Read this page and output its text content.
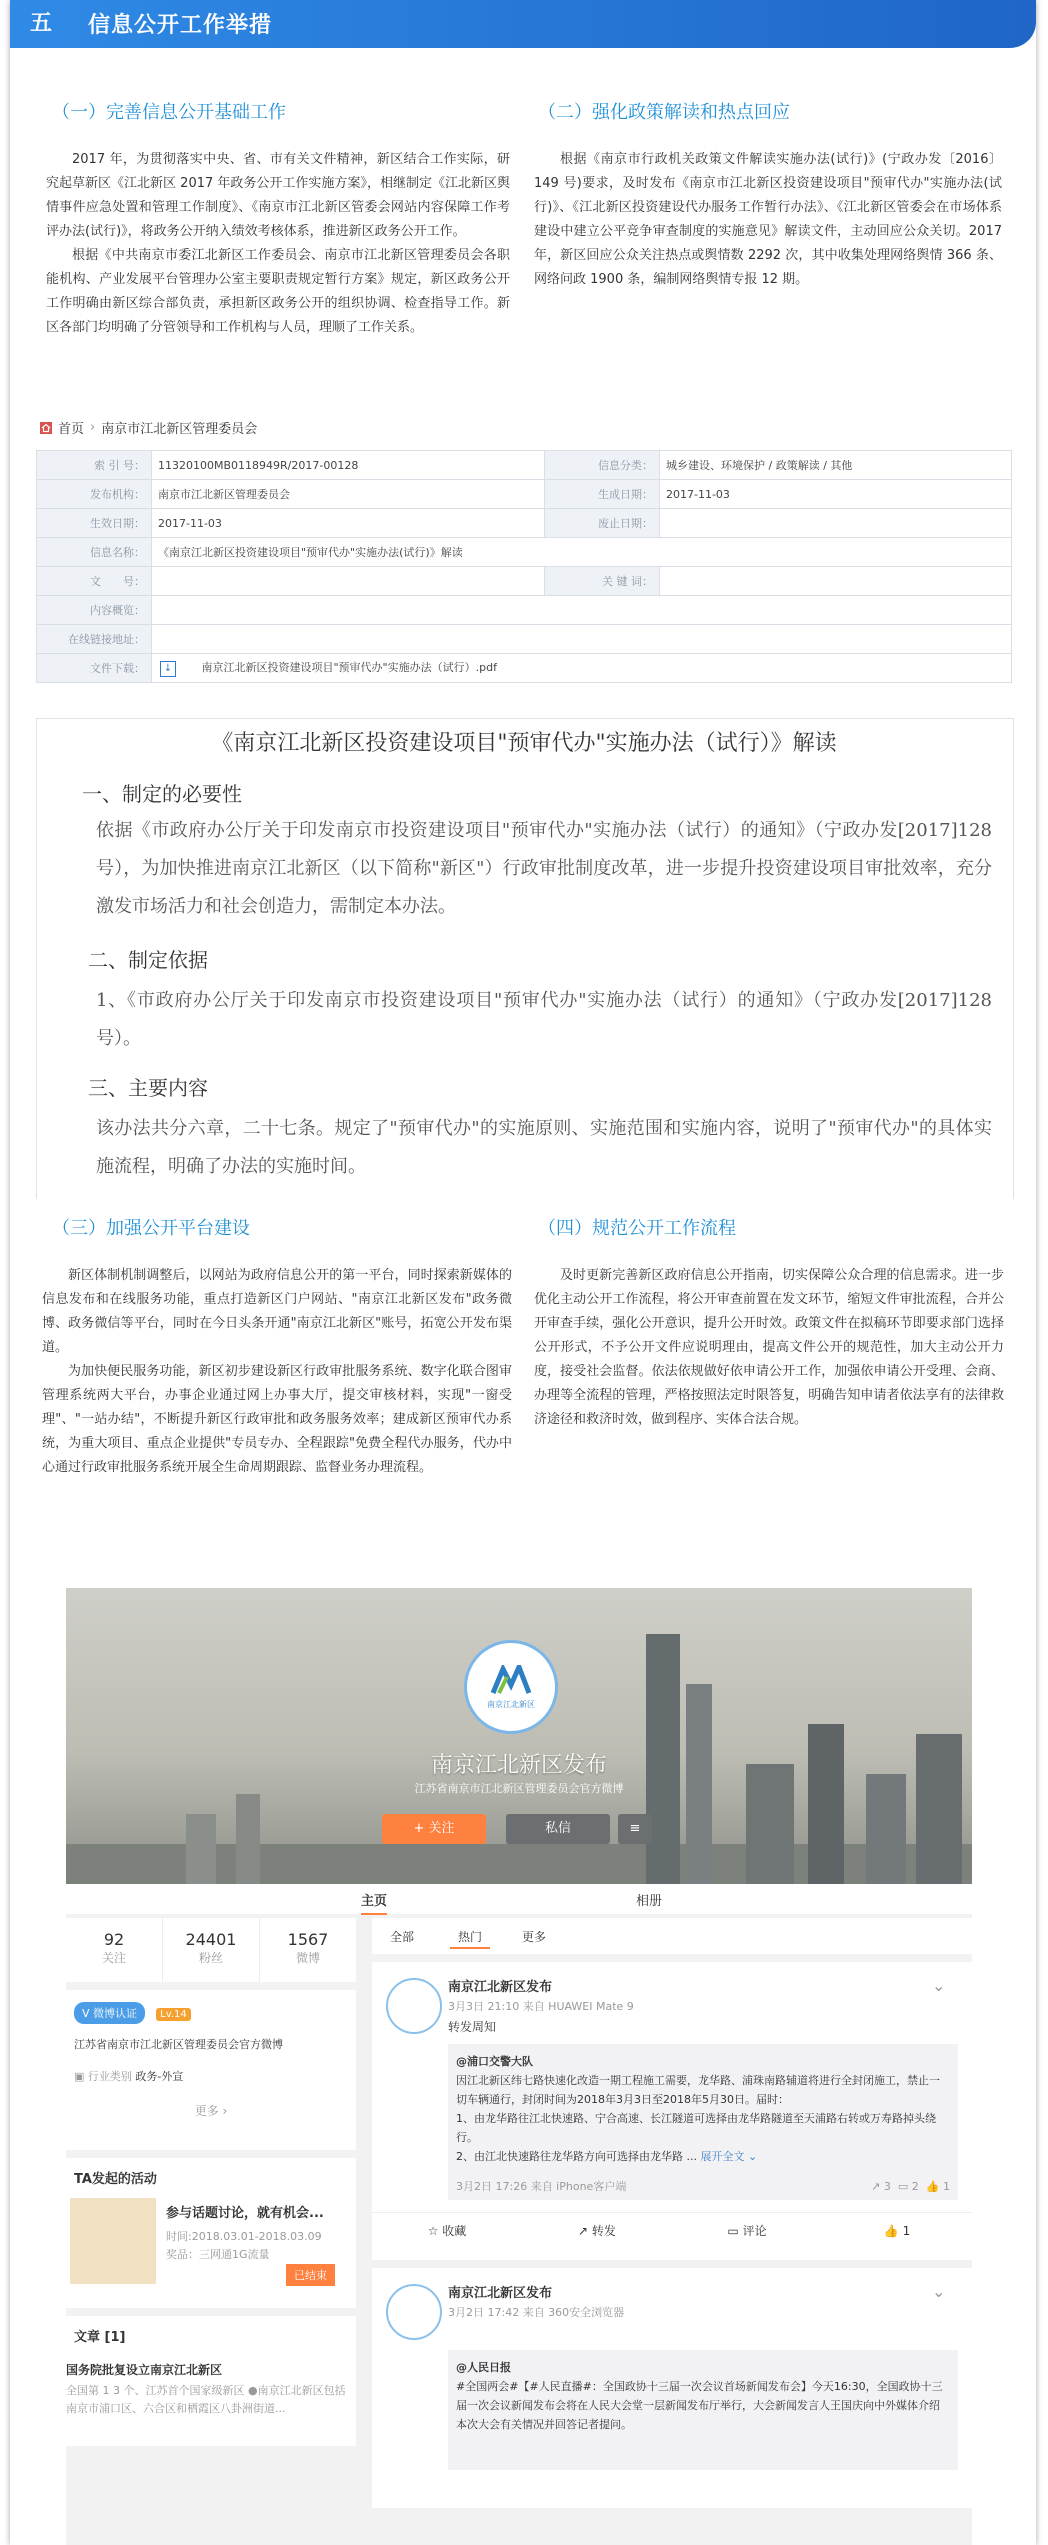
五 信息公开工作举措
（一）完善信息公开基础工作

2017 年，为贯彻落实中央、省、市有关文件精神，新区结合工作实际，研究起草新区《江北新区 2017 年政务公开工作实施方案》，相继制定《江北新区舆情事件应急处置和管理工作制度》、《南京市江北新区管委会网站内容保障工作考评办法(试行)》，将政务公开纳入绩效考核体系，推进新区政务公开工作。

根据《中共南京市委江北新区工作委员会、南京市江北新区管理委员会各职能机构、产业发展平台管理办公室主要职责规定暂行方案》规定，新区政务公开工作明确由新区综合部负责，承担新区政务公开的组织协调、检查指导工作。新区各部门均明确了分管领导和工作机构与人员，理顺了工作关系。

（二）强化政策解读和热点回应

根据《南京市行政机关政策文件解读实施办法(试行)》(宁政办发〔2016〕149 号)要求，及时发布《南京市江北新区投资建设项目"预审代办"实施办法(试行)》、《江北新区投资建设代办服务工作暂行办法》、《江北新区管委会在市场体系建设中建立公平竞争审查制度的实施意见》解读文件，主动回应公众关切。2017 年，新区回应公众关注热点或舆情数 2292 次，其中收集处理网络舆情 366 条、网络问政 1900 条，编制网络舆情专报 12 期。

首页 › 南京市江北新区管理委员会
索 引 号：	11320100MB0118949R/2017-00128	信息分类：	城乡建设、环境保护 / 政策解读 / 其他
发布机构：	南京市江北新区管理委员会	生成日期：	2017-11-03
生效日期：	2017-11-03	废止日期：	
信息名称：	《南京江北新区投资建设项目"预审代办"实施办法(试行)》解读		
文　　号：		关 键 词：	
内容概览：			
在线链接地址：			
文件下载：	↓ 南京江北新区投资建设项目"预审代办"实施办法（试行）.pdf		
《南京江北新区投资建设项目"预审代办"实施办法（试行）》解读
一、制定的必要性

依据《市政府办公厅关于印发南京市投资建设项目"预审代办"实施办法（试行）的通知》（宁政办发[2017]128号），为加快推进南京江北新区（以下简称"新区"）行政审批制度改革，进一步提升投资建设项目审批效率，充分激发市场活力和社会创造力，需制定本办法。

二、制定依据

1、《市政府办公厅关于印发南京市投资建设项目"预审代办"实施办法（试行）的通知》（宁政办发[2017]128号）。

三、主要内容

该办法共分六章，二十七条。规定了"预审代办"的实施原则、实施范围和实施内容，说明了"预审代办"的具体实施流程，明确了办法的实施时间。

（三）加强公开平台建设

新区体制机制调整后，以网站为政府信息公开的第一平台，同时探索新媒体的信息发布和在线服务功能，重点打造新区门户网站、"南京江北新区发布"政务微博、政务微信等平台，同时在今日头条开通"南京江北新区"账号，拓宽公开发布渠道。

为加快便民服务功能，新区初步建设新区行政审批服务系统、数字化联合图审管理系统两大平台，办事企业通过网上办事大厅，提交审核材料，实现"一窗受理"、"一站办结"，不断提升新区行政审批和政务服务效率；建成新区预审代办系统，为重大项目、重点企业提供"专员专办、全程跟踪"免费全程代办服务，代办中心通过行政审批服务系统开展全生命周期跟踪、监督业务办理流程。

（四）规范公开工作流程

及时更新完善新区政府信息公开指南，切实保障公众合理的信息需求。进一步优化主动公开工作流程，将公开审查前置在发文环节，缩短文件审批流程，合并公开审查手续，强化公开意识，提升公开时效。政策文件在拟稿环节即要求部门选择公开形式，不予公开文件应说明理由，提高文件公开的规范性，加大主动公开力度，接受社会监督。依法依规做好依申请公开工作，加强依申请公开受理、会商、办理等全流程的管理，严格按照法定时限答复，明确告知申请者依法享有的法律救济途径和救济时效，做到程序、实体合法合规。

南京江北新区
南京江北新区发布
江苏省南京市江北新区管理委员会官方微博
+ 关注	私信	≡
主页	相册
92
关注
24401
粉丝
1567
微博
V 微博认证 Lv.14
江苏省南京市江北新区管理委员会官方微博
▣ 行业类别 政务-外宣
更多 ›
TA发起的活动
参与话题讨论，就有机会...
时间:2018.03.01-2018.03.09
奖品：三网通1G流量
已结束
文章 [1]
国务院批复设立南京江北新区
全国第 1 3 个、江苏首个国家级新区 ●南京江北新区包括南京市浦口区、六合区和栖霞区八卦洲街道...
全部	热门	更多
南京江北新区发布
3月3日 21:10 来自 HUAWEI Mate 9
转发周知
⌄
@浦口交警大队
因江北新区纬七路快速化改造一期工程施工需要，龙华路、浦珠南路辅道将进行全封闭施工，禁止一切车辆通行，封闭时间为2018年3月3日至2018年5月30日。届时：
1、由龙华路往江北快速路、宁合高速、长江隧道可选择由龙华路隧道至天浦路右转或万寿路掉头绕行。
2、由江北快速路往龙华路方向可选择由龙华路 ... 展开全文 ⌄
3月2日 17:26 来自 iPhone客户端	↗ 3 ▭ 2 👍 1
☆ 收藏	↗ 转发	▭ 评论	👍 1
南京江北新区发布
3月2日 17:42 来自 360安全浏览器
⌄
@人民日报
#全国两会#【#人民直播#：全国政协十三届一次会议首场新闻发布会】今天16:30，全国政协十三届一次会议新闻发布会将在人民大会堂一层新闻发布厅举行，大会新闻发言人王国庆向中外媒体介绍本次大会有关情况并回答记者提问。
